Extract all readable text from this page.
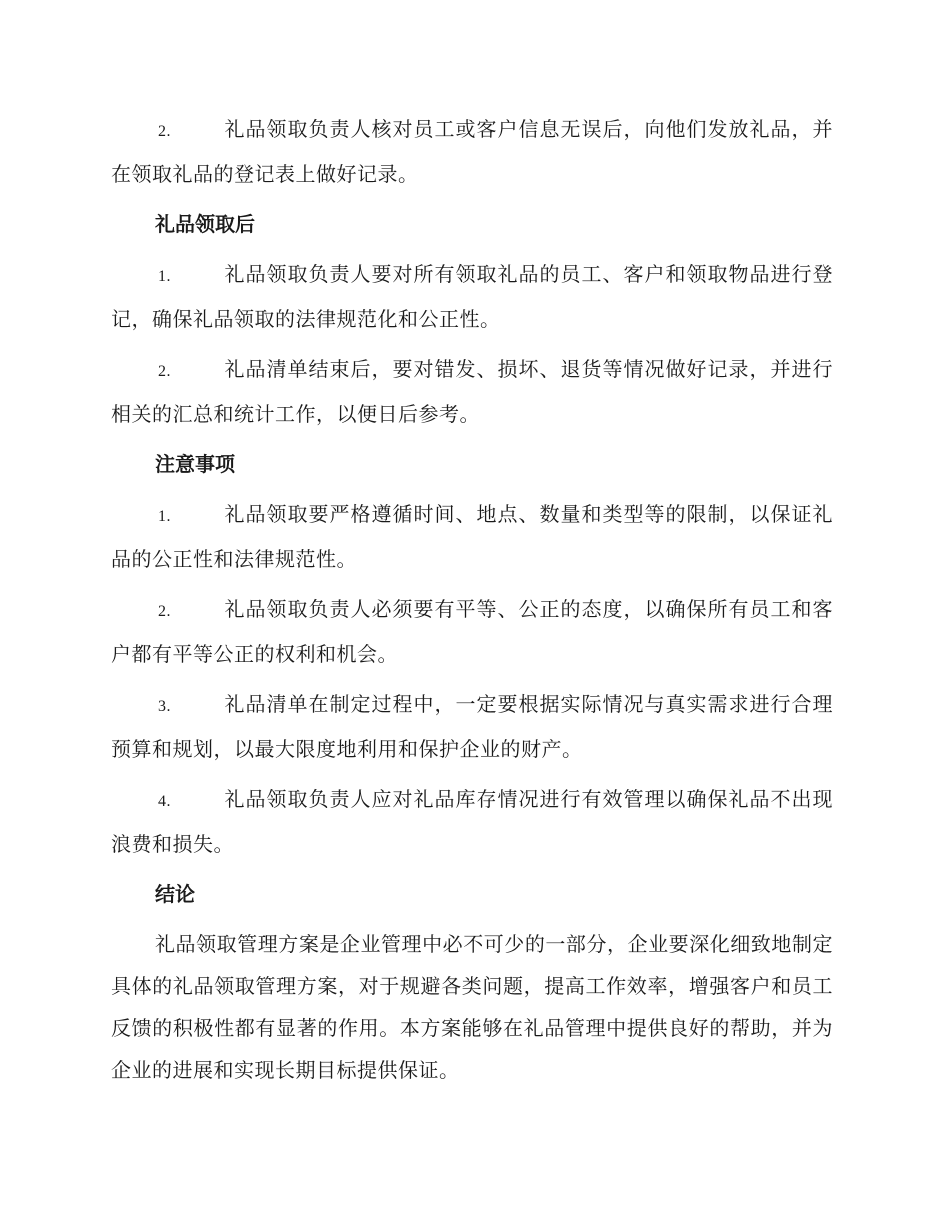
2.	礼品领取负责人核对员工或客户信息无误后，向他们发放礼品，并在领取礼品的登记表上做好记录。

礼品领取后

1.	礼品领取负责人要对所有领取礼品的员工、客户和领取物品进行登记，确保礼品领取的法律规范化和公正性。

2.	礼品清单结束后，要对错发、损坏、退货等情况做好记录，并进行相关的汇总和统计工作，以便日后参考。

注意事项

1.	礼品领取要严格遵循时间、地点、数量和类型等的限制，以保证礼品的公正性和法律规范性。

2.	礼品领取负责人必须要有平等、公正的态度，以确保所有员工和客户都有平等公正的权利和机会。

3.	礼品清单在制定过程中，一定要根据实际情况与真实需求进行合理预算和规划，以最大限度地利用和保护企业的财产。

4.	礼品领取负责人应对礼品库存情况进行有效管理以确保礼品不出现浪费和损失。

结论

礼品领取管理方案是企业管理中必不可少的一部分，企业要深化细致地制定具体的礼品领取管理方案，对于规避各类问题，提高工作效率，增强客户和员工反馈的积极性都有显著的作用。本方案能够在礼品管理中提供良好的帮助，并为企业的进展和实现长期目标提供保证。
